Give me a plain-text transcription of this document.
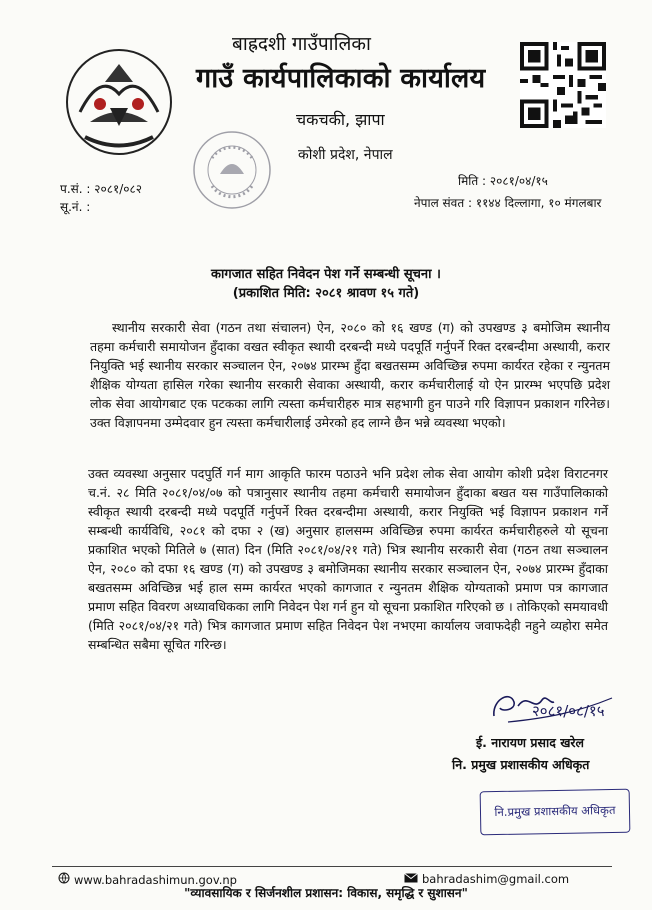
बाह्रदशी गाउँपालिका
गाउँ कार्यपालिकाको कार्यालय
चकचकी, झापा
कोशी प्रदेश, नेपाल
प.सं. : २०८१/०८२
सू.नं. :
मिति : २०८१/०४/१५
नेपाल संवत : ११४४ दिल्लागा, १० मंगलबार
कागजात सहित निवेदन पेश गर्ने सम्बन्धी सूचना ।
(प्रकाशित मिति: २०८१ श्रावण १५ गते)

स्थानीय सरकारी सेवा (गठन तथा संचालन) ऐन, २०८० को १६ खण्ड (ग) को उपखण्ड ३ बमोजिम स्थानीय तहमा कर्मचारी समायोजन हुँदाका वखत स्वीकृत स्थायी दरबन्दी मध्ये पदपूर्ति गर्नुपर्ने रिक्त दरबन्दीमा अस्थायी, करार नियुक्ति भई स्थानीय सरकार सञ्चालन ऐन, २०७४ प्रारम्भ हुँदा बखतसम्म अविच्छिन्न रुपमा कार्यरत रहेका र न्युनतम शैक्षिक योग्यता हासिल गरेका स्थानीय सरकारी सेवाका अस्थायी, करार कर्मचारीलाई यो ऐन प्रारम्भ भएपछि प्रदेश लोक सेवा आयोगबाट एक पटकका लागि त्यस्ता कर्मचारीहरु मात्र सहभागी हुन पाउने गरि विज्ञापन प्रकाशन गरिनेछ। उक्त विज्ञापनमा उम्मेदवार हुन त्यस्ता कर्मचारीलाई उमेरको हद लाग्ने छैन भन्ने व्यवस्था भएको।

उक्त व्यवस्था अनुसार पदपुर्ति गर्न माग आकृति फारम पठाउने भनि प्रदेश लोक सेवा आयोग कोशी प्रदेश विराटनगर च.नं. २८ मिति २०८१/०४/०७ को पत्रानुसार स्थानीय तहमा कर्मचारी समायोजन हुँदाका बखत यस गाउँपालिकाको स्वीकृत स्थायी दरबन्दी मध्ये पदपूर्ति गर्नुपर्ने रिक्त दरबन्दीमा अस्थायी, करार नियुक्ति भई विज्ञापन प्रकाशन गर्ने सम्बन्धी कार्यविधि, २०८१ को दफा २ (ख) अनुसार हालसम्म अविच्छिन्न रुपमा कार्यरत कर्मचारीहरुले यो सूचना प्रकाशित भएको मितिले ७ (सात) दिन (मिति २०८१/०४/२१ गते) भित्र स्थानीय सरकारी सेवा (गठन तथा सञ्चालन ऐन, २०८० को दफा १६ खण्ड (ग) को उपखण्ड ३ बमोजिमका स्थानीय सरकार सञ्चालन ऐन, २०७४ प्रारम्भ हुँदाका बखतसम्म अविच्छिन्न भई हाल सम्म कार्यरत भएको कागजात र न्युनतम शैक्षिक योग्यताको प्रमाण पत्र कागजात प्रमाण सहित विवरण अध्यावधिकका लागि निवेदन पेश गर्न हुन यो सूचना प्रकाशित गरिएको छ । तोकिएको समयावधी (मिति २०८१/०४/२१ गते) भित्र कागजात प्रमाण सहित निवेदन पेश नभएमा कार्यालय जवाफदेही नहुने व्यहोरा समेत सम्बन्धित सबैमा सूचित गरिन्छ।

२०८१/०८/१५
ई. नारायण प्रसाद खरेल
नि. प्रमुख प्रशासकीय अधिकृत
नि.प्रमुख प्रशासकीय अधिकृत
www.bahradashimun.gov.np	bahradashim@gmail.com
"व्यावसायिक र सिर्जनशील प्रशासन: विकास, समृद्धि र सुशासन"
